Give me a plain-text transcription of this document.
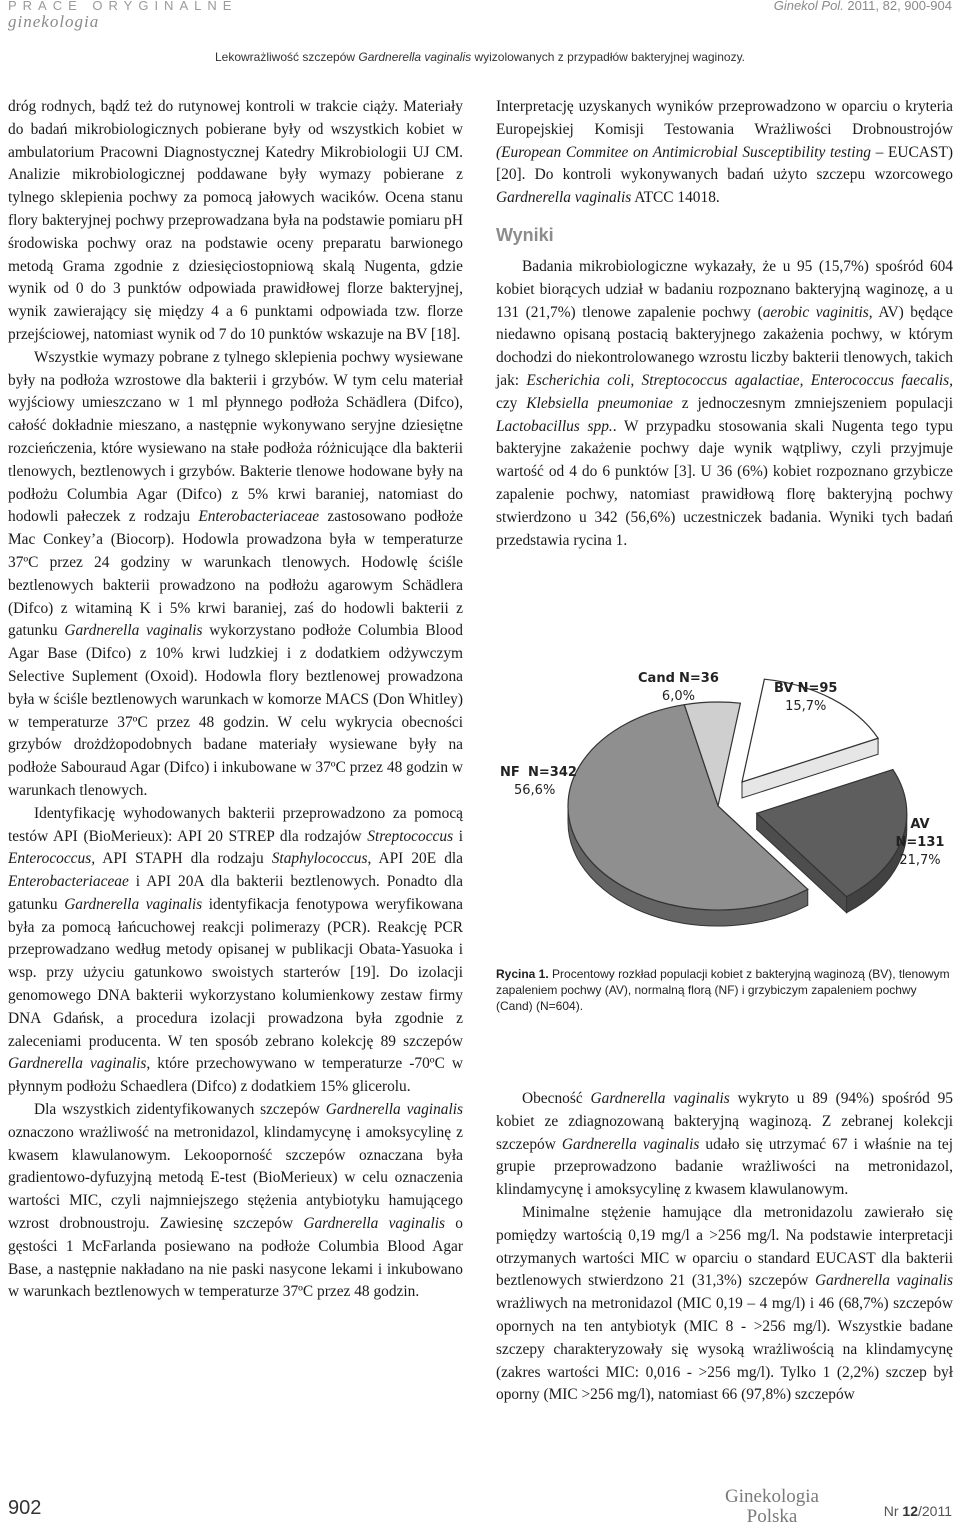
PRACE ORYGINALNE
ginekologia
Ginekol Pol. 2011, 82, 900-904
Lekowrażliwość szczepów Gardnerella vaginalis wyizolowanych z przypadłów bakteryjnej waginozy.

dróg rodnych, bądź też do rutynowej kontroli w trakcie ciąży. Materiały do badań mikrobiologicznych pobierane były od wszystkich kobiet w ambulatorium Pracowni Diagnostycznej Katedry Mikrobiologii UJ CM. Analizie mikrobiologicznej poddawane były wymazy pobierane z tylnego sklepienia pochwy za pomocą jałowych wacików. Ocena stanu flory bakteryjnej pochwy przeprowadzana była na podstawie pomiaru pH środowiska pochwy oraz na podstawie oceny preparatu barwionego metodą Grama zgodnie z dziesięciostopniową skalą Nugenta, gdzie wynik od 0 do 3 punktów odpowiada prawidłowej florze bakteryjnej, wynik zawierający się między 4 a 6 punktami odpowiada tzw. florze przejściowej, natomiast wynik od 7 do 10 punktów wskazuje na BV [18].

Wszystkie wymazy pobrane z tylnego sklepienia pochwy wysiewane były na podłoża wzrostowe dla bakterii i grzybów. W tym celu materiał wyjściowy umieszczano w 1 ml płynnego podłoża Schädlera (Difco), całość dokładnie mieszano, a następnie wykonywano seryjne dziesiętne rozcieńczenia, które wysiewano na stałe podłoża różnicujące dla bakterii tlenowych, beztlenowych i grzybów. Bakterie tlenowe hodowane były na podłożu Columbia Agar (Difco) z 5% krwi baraniej, natomiast do hodowli pałeczek z rodzaju Enterobacteriaceae zastosowano podłoże Mac Conkey’a (Biocorp). Hodowla prowadzona była w temperaturze 37ºC przez 24 godziny w warunkach tlenowych. Hodowlę ściśle beztlenowych bakterii prowadzono na podłożu agarowym Schädlera (Difco) z witaminą K i 5% krwi baraniej, zaś do hodowli bakterii z gatunku Gardnerella vaginalis wykorzystano podłoże Columbia Blood Agar Base (Difco) z 10% krwi ludzkiej i z dodatkiem odżywczym Selective Suplement (Oxoid). Hodowla flory beztlenowej prowadzona była w ściśle beztlenowych warunkach w komorze MACS (Don Whitley) w temperaturze 37ºC przez 48 godzin. W celu wykrycia obecności grzybów drożdżopodobnych badane materiały wysiewane były na podłoże Sabouraud Agar (Difco) i inkubowane w 37ºC przez 48 godzin w warunkach tlenowych.

Identyfikację wyhodowanych bakterii przeprowadzono za pomocą testów API (BioMerieux): API 20 STREP dla rodzajów Streptococcus i Enterococcus, API STAPH dla rodzaju Staphylococcus, API 20E dla Enterobacteriaceae i API 20A dla bakterii beztlenowych. Ponadto dla gatunku Gardnerella vaginalis identyfikacja fenotypowa weryfikowana była za pomocą łańcuchowej reakcji polimerazy (PCR). Reakcję PCR przeprowadzano według metody opisanej w publikacji Obata-Yasuoka i wsp. przy użyciu gatunkowo swoistych starterów [19]. Do izolacji genomowego DNA bakterii wykorzystano kolumienkowy zestaw firmy DNA Gdańsk, a procedura izolacji prowadzona była zgodnie z zaleceniami producenta. W ten sposób zebrano kolekcję 89 szczepów Gardnerella vaginalis, które przechowywano w temperaturze -70ºC w płynnym podłożu Schaedlera (Difco) z dodatkiem 15% glicerolu.

Dla wszystkich zidentyfikowanych szczepów Gardnerella vaginalis oznaczono wrażliwość na metronidazol, klindamycynę i amoksycylinę z kwasem klawulanowym. Lekooporność szczepów oznaczana była gradientowo-dyfuzyjną metodą E-test (BioMerieux) w celu oznaczenia wartości MIC, czyli najmniejszego stężenia antybiotyku hamującego wzrost drobnoustroju. Zawiesinę szczepów Gardnerella vaginalis o gęstości 1 McFarlanda posiewano na podłoże Columbia Blood Agar Base, a następnie nakładano na nie paski nasycone lekami i inkubowano w warunkach beztlenowych w temperaturze 37ºC przez 48 godzin.

Interpretację uzyskanych wyników przeprowadzono w oparciu o kryteria Europejskiej Komisji Testowania Wrażliwości Drobnoustrojów (European Commitee on Antimicrobial Susceptibility testing – EUCAST) [20]. Do kontroli wykonywanych badań użyto szczepu wzorcowego Gardnerella vaginalis ATCC 14018.

Wyniki

Badania mikrobiologiczne wykazały, że u 95 (15,7%) spośród 604 kobiet biorących udział w badaniu rozpoznano bakteryjną waginozę, a u 131 (21,7%) tlenowe zapalenie pochwy (aerobic vaginitis, AV) będące niedawno opisaną postacią bakteryjnego zakażenia pochwy, w którym dochodzi do niekontrolowanego wzrostu liczby bakterii tlenowych, takich jak: Escherichia coli, Streptococcus agalactiae, Enterococcus faecalis, czy Klebsiella pneumoniae z jednoczesnym zmniejszeniem populacji Lactobacillus spp.. W przypadku stosowania skali Nugenta tego typu bakteryjne zakażenie pochwy daje wynik wątpliwy, czyli przyjmuje wartość od 4 do 6 punktów [3]. U 36 (6%) kobiet rozpoznano grzybicze zapalenie pochwy, natomiast prawidłową florę bakteryjną pochwy stwierdzono u 342 (56,6%) uczestniczek badania. Wyniki tych badań przedstawia rycina 1.

NF N=342
56,6%
Cand N=36
6,0%
BV N=95
15,7%
AV N=131
21,7%
Rycina 1. Procentowy rozkład populacji kobiet z bakteryjną waginozą (BV), tlenowym zapaleniem pochwy (AV), normalną florą (NF) i grzybiczym zapaleniem pochwy (Cand) (N=604).

Obecność Gardnerella vaginalis wykryto u 89 (94%) spośród 95 kobiet ze zdiagnozowaną bakteryjną waginozą. Z zebranej kolekcji szczepów Gardnerella vaginalis udało się utrzymać 67 i właśnie na tej grupie przeprowadzono badanie wrażliwości na metronidazol, klindamycynę i amoksycylinę z kwasem klawulanowym.

Minimalne stężenie hamujące dla metronidazolu zawierało się pomiędzy wartością 0,19 mg/l a >256 mg/l. Na podstawie interpretacji otrzymanych wartości MIC w oparciu o standard EUCAST dla bakterii beztlenowych stwierdzono 21 (31,3%) szczepów Gardnerella vaginalis wrażliwych na metronidazol (MIC 0,19 – 4 mg/l) i 46 (68,7%) szczepów opornych na ten antybiotyk (MIC 8 - >256 mg/l). Wszystkie badane szczepy charakteryzowały się wysoką wrażliwością na klindamycynę (zakres wartości MIC: 0,016 - >256 mg/l). Tylko 1 (2,2%) szczep był oporny (MIC >256 mg/l), natomiast 66 (97,8%) szczepów

902
Ginekologia
Polska	Nr 12/2011
